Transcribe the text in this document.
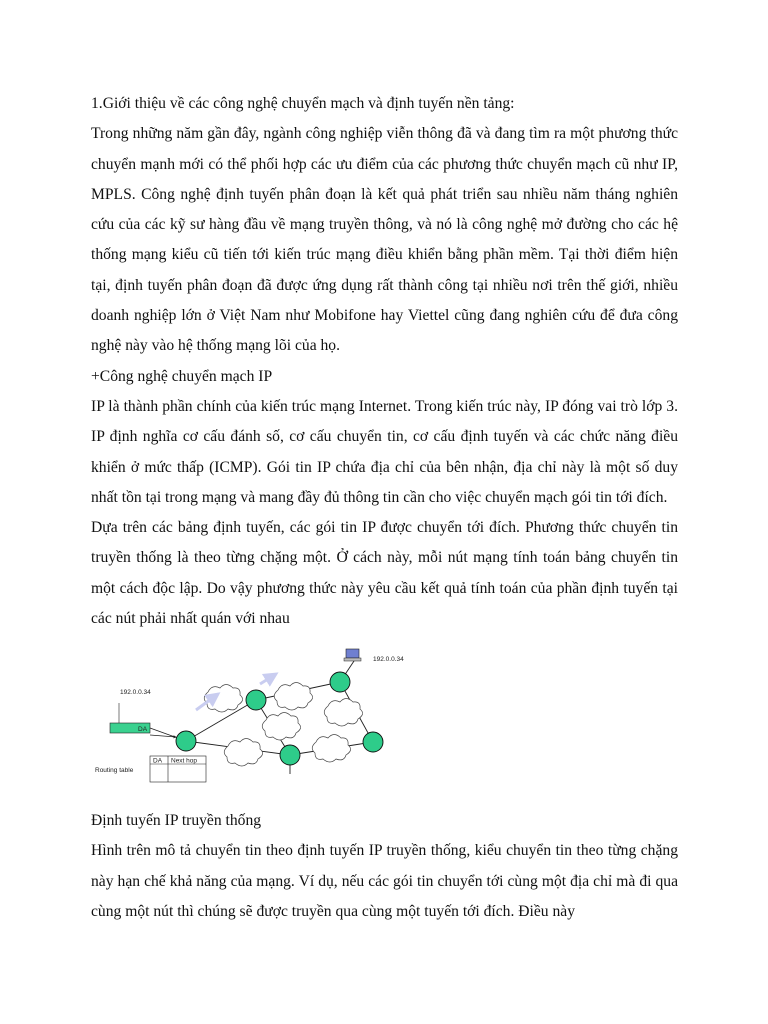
1.Giới thiệu về các công nghệ chuyển mạch và định tuyến nền tảng:

Trong những năm gần đây, ngành công nghiệp viễn thông đã và đang tìm ra một phương thức chuyển mạnh mới có thể phối hợp các ưu điểm của các phương thức chuyển mạch cũ như IP, MPLS. Công nghệ định tuyến phân đoạn là kết quả phát triển sau nhiều năm tháng nghiên cứu của các kỹ sư hàng đầu về mạng truyền thông, và nó là công nghệ mở đường cho các hệ thống mạng kiểu cũ tiến tới kiến trúc mạng điều khiển bằng phần mềm. Tại thời điểm hiện tại, định tuyến phân đoạn đã được ứng dụng rất thành công tại nhiều nơi trên thế giới, nhiều doanh nghiệp lớn ở Việt Nam như Mobifone hay Viettel cũng đang nghiên cứu để đưa công nghệ này vào hệ thống mạng lõi của họ.

+Công nghệ chuyển mạch IP

IP là thành phần chính của kiến trúc mạng Internet. Trong kiến trúc này, IP đóng vai trò lớp 3. IP định nghĩa cơ cấu đánh số, cơ cấu chuyển tin, cơ cấu định tuyến và các chức năng điều khiển ở mức thấp (ICMP). Gói tin IP chứa địa chỉ của bên nhận, địa chỉ này là một số duy nhất tồn tại trong mạng và mang đầy đủ thông tin cần cho việc chuyển mạch gói tin tới đích.

Dựa trên các bảng định tuyến, các gói tin IP được chuyển tới đích. Phương thức chuyển tin truyền thống là theo từng chặng một. Ở cách này, mỗi nút mạng tính toán bảng chuyển tin một cách độc lập. Do vậy phương thức này yêu cầu kết quả tính toán của phần định tuyến tại các nút phải nhất quán với nhau

192.0.0.34
192.0.0.34
DA
DA Next hop
Routing table

Định tuyến IP truyền thống

Hình trên mô tả chuyển tin theo định tuyến IP truyền thống, kiểu chuyển tin theo từng chặng này hạn chế khả năng của mạng. Ví dụ, nếu các gói tin chuyển tới cùng một địa chỉ mà đi qua cùng một nút thì chúng sẽ được truyền qua cùng một tuyến tới đích. Điều này
